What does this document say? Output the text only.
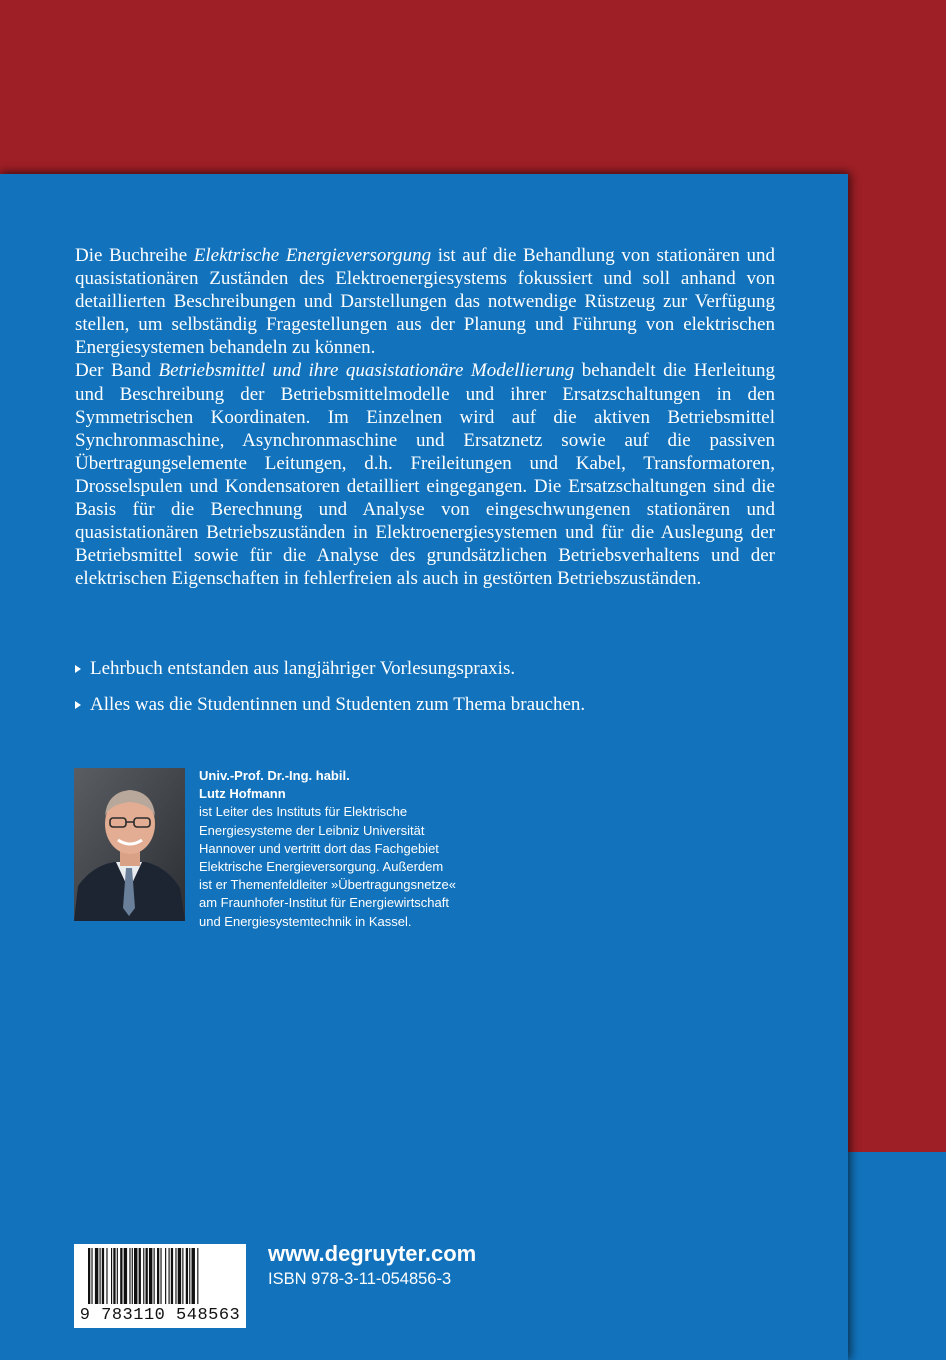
Die Buchreihe Elektrische Energieversorgung ist auf die Behandlung von stationären und quasistationären Zuständen des Elektroenergiesystems fokussiert und soll anhand von detaillierten Beschreibungen und Darstellungen das notwendige Rüstzeug zur Verfügung stellen, um selbständig Fragestellungen aus der Planung und Führung von elektrischen Energiesystemen behandeln zu können.

Der Band Betriebsmittel und ihre quasistationäre Modellierung behandelt die Herleitung und Beschreibung der Betriebsmittelmodelle und ihrer Ersatzschaltungen in den Symmetrischen Koordinaten. Im Einzelnen wird auf die aktiven Betriebsmittel Synchronmaschine, Asynchronmaschine und Ersatznetz sowie auf die passiven Übertragungselemente Leitungen, d.h. Freileitungen und Kabel, Transformatoren, Drosselspulen und Kondensatoren detailliert eingegangen. Die Ersatzschaltungen sind die Basis für die Berechnung und Analyse von eingeschwungenen stationären und quasistationären Betriebszuständen in Elektroenergiesystemen und für die Auslegung der Betriebsmittel sowie für die Analyse des grundsätzlichen Betriebsverhaltens und der elektrischen Eigenschaften in fehlerfreien als auch in gestörten Betriebszuständen.

Lehrbuch entstanden aus langjähriger Vorlesungspraxis.
Alles was die Studentinnen und Studenten zum Thema brauchen.
Univ.-Prof. Dr.-Ing. habil.
Lutz Hofmann
ist Leiter des Instituts für Elektrische Energiesysteme der Leibniz Universität Hannover und vertritt dort das Fachgebiet Elektrische Energieversorgung. Außerdem ist er Themenfeldleiter »Übertragungsnetze« am Fraunhofer-Institut für Energiewirtschaft und Energiesystemtechnik in Kassel.
9 783110 548563
www.degruyter.com
ISBN 978-3-11-054856-3
